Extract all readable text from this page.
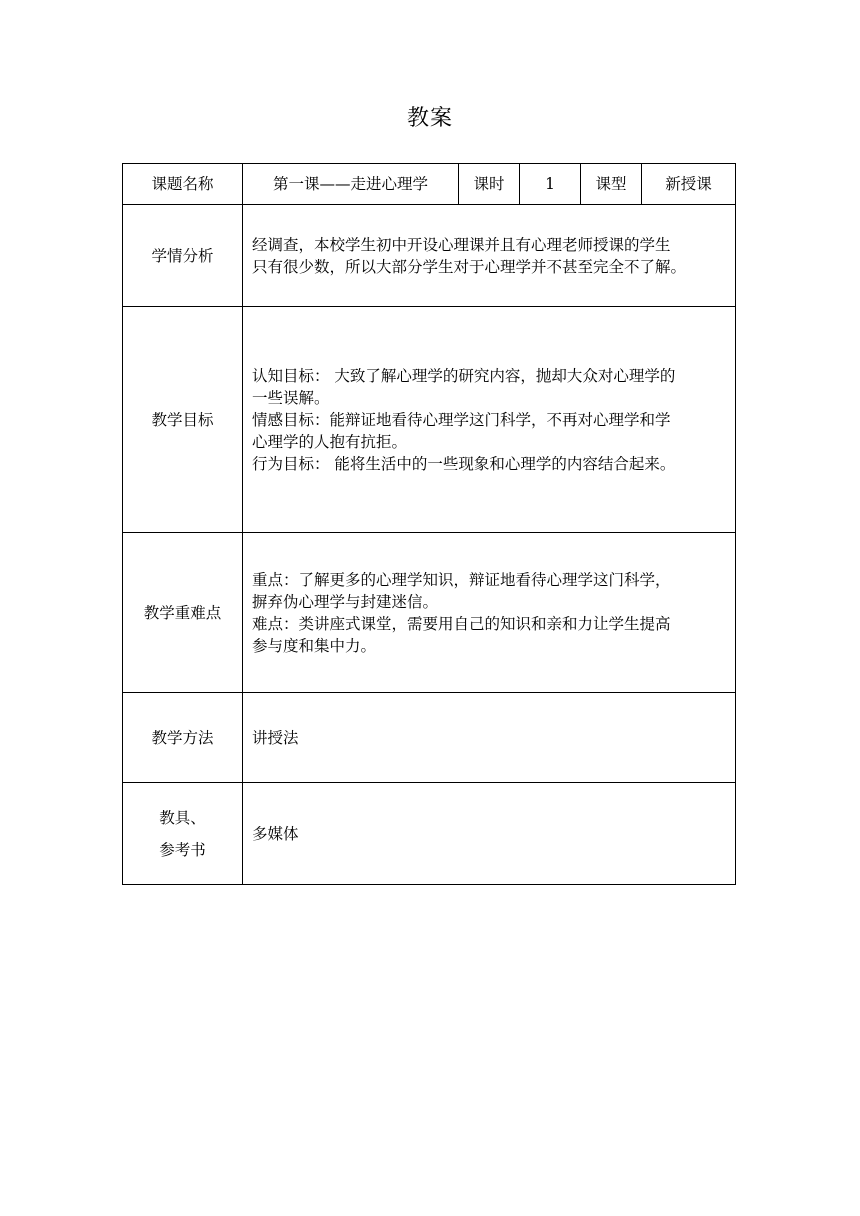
教案
课题名称	第一课——走进心理学	课时	1	课型	新授课
学情分析	经调查，本校学生初中开设心理课并且有心理老师授课的学生
只有很少数，所以大部分学生对于心理学并不甚至完全不了解。				

教学目标	认知目标： 大致了解心理学的研究内容，抛却大众对心理学的
一些误解。
情感目标：能辩证地看待心理学这门科学，不再对心理学和学
心理学的人抱有抗拒。
行为目标： 能将生活中的一些现象和心理学的内容结合起来。				

教学重难点	重点：了解更多的心理学知识，辩证地看待心理学这门科学，
摒弃伪心理学与封建迷信。
难点：类讲座式课堂，需要用自己的知识和亲和力让学生提高
参与度和集中力。				

教学方法	讲授法				

教具、
参考书	多媒体				
